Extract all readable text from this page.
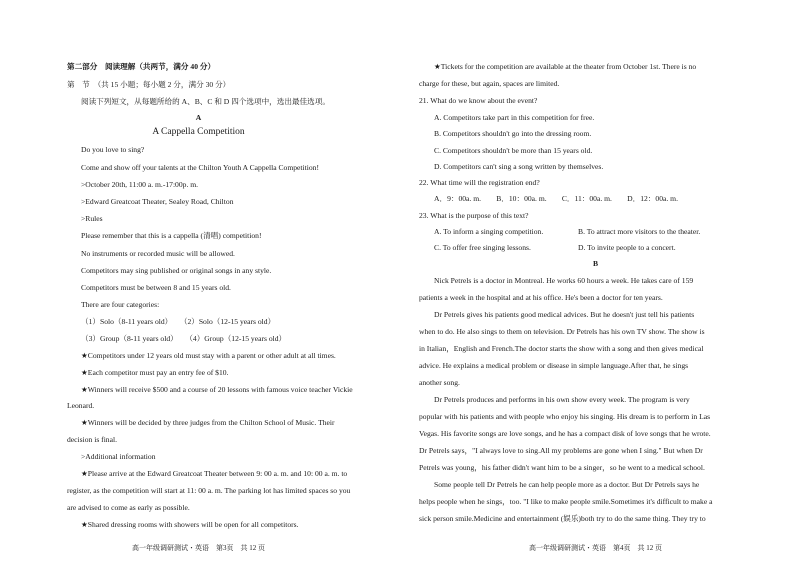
第二部分　阅读理解（共两节，满分 40 分）
第　节　（共 15 小题；每小题 2 分，满分 30 分）
阅读下列短文，从每题所给的 A、B、C 和 D 四个选项中，选出最佳选项。
A
A Cappella Competition
Do you love to sing?
Come and show off your talents at the Chilton Youth A Cappella Competition!
>October 20th, 11:00 a. m.-17:00p. m.
>Edward Greatcoat Theater, Sealey Road, Chilton
>Rules
Please remember that this is a cappella (清唱) competition!
No instruments or recorded music will be allowed.
Competitors may sing published or original songs in any style.
Competitors must be between 8 and 15 years old.
There are four categories:
（1）Solo（8-11 years old）　　（2）Solo（12-15 years old）
（3）Group（8-11 years old）　　（4）Group（12-15 years old）
★Competitors under 12 years old must stay with a parent or other adult at all times.
★Each competitor must pay an entry fee of $10.
★Winners will receive $500 and a course of 20 lessons with famous voice teacher Vickie
Leonard.
★Winners will be decided by three judges from the Chilton School of Music. Their
decision is final.
>Additional information
★Please arrive at the Edward Greatcoat Theater between 9: 00 a. m. and 10: 00 a. m. to
register, as the competition will start at 11: 00 a. m. The parking lot has limited spaces so you
are advised to come as early as possible.
★Shared dressing rooms with showers will be open for all competitors.
高一年级调研测试・英语　第3页　共 12 页
★Tickets for the competition are available at the theater from October 1st. There is no
charge for these, but again, spaces are limited.
21. What do we know about the event?
A. Competitors take part in this competition for free.
B. Competitors shouldn't go into the dressing room.
C. Competitors shouldn't be more than 15 years old.
D. Competitors can't sing a song written by themselves.
22. What time will the registration end?
A．9：00a. m.　　B．10：00a. m.　　C．11：00a. m.　　D．12：00a. m.
23. What is the purpose of this text?
A. To inform a singing competition.	B. To attract more visitors to the theater.
C. To offer free singing lessons.	D. To invite people to a concert.
B
Nick Petrels is a doctor in Montreal. He works 60 hours a week. He takes care of 159
patients a week in the hospital and at his office. He's been a doctor for ten years.
Dr Petrels gives his patients good medical advices. But he doesn't just tell his patients
when to do. He also sings to them on television. Dr Petrels has his own TV show. The show is
in Italian，English and French.The doctor starts the show with a song and then gives medical
advice. He explains a medical problem or disease in simple language.After that, he sings
another song.
Dr Petrels produces and performs in his own show every week. The program is very
popular with his patients and with people who enjoy his singing. His dream is to perform in Las
Vegas. His favorite songs are love songs, and he has a compact disk of love songs that he wrote.
Dr Petrels says，"I always love to sing.All my problems are gone when I sing." But when Dr
Petrels was young，his father didn't want him to be a singer，so he went to a medical school.
Some people tell Dr Petrels he can help people more as a doctor. But Dr Petrels says he
helps people when he sings，too. "I like to make people smile.Sometimes it's difficult to make a
sick person smile.Medicine and entertainment (娱乐)both try to do the same thing. They try to
高一年级调研测试・英语　第4页　共 12 页
